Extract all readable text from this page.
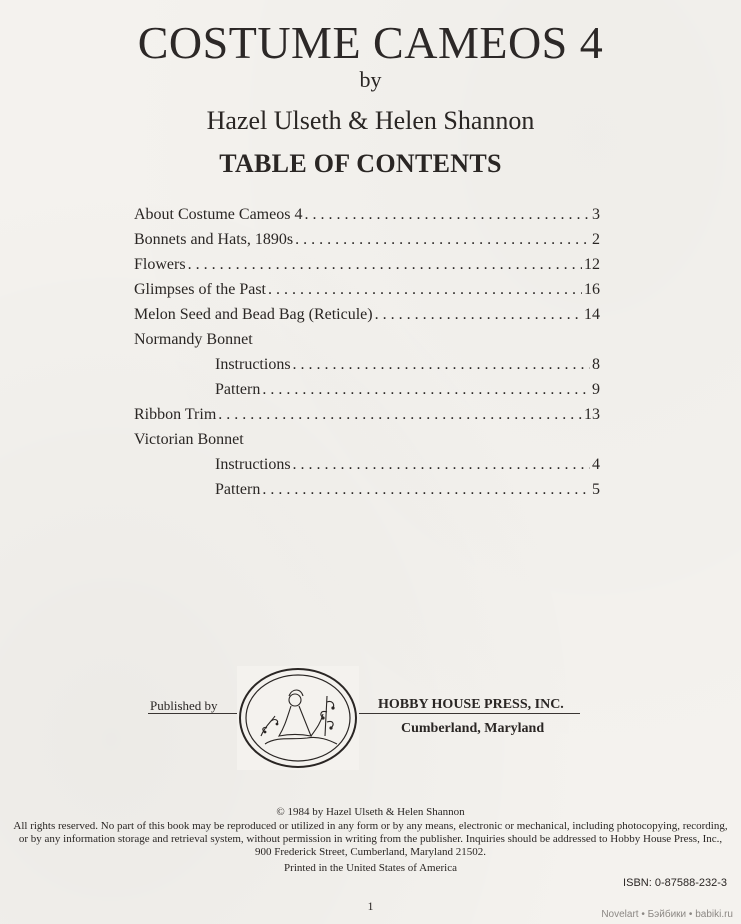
COSTUME CAMEOS 4
by
Hazel Ulseth & Helen Shannon
TABLE OF CONTENTS
About Costume Cameos 4 . . .	3
Bonnets and Hats, 1890s . . .	2
Flowers . . .	12
Glimpses of the Past . . .	16
Melon Seed and Bead Bag (Reticule) . . .	14
Normandy Bonnet
Instructions . . .	8
Pattern . . .	9
Ribbon Trim . . .	13
Victorian Bonnet
Instructions . . .	4
Pattern . . .	5
Published by	HOBBY HOUSE PRESS, INC.
Cumberland, Maryland
© 1984 by Hazel Ulseth & Helen Shannon
All rights reserved. No part of this book may be reproduced or utilized in any form or by any means, electronic or mechanical, including photocopying, recording, or by any information storage and retrieval system, without permission in writing from the publisher. Inquiries should be addressed to Hobby House Press, Inc., 900 Frederick Street, Cumberland, Maryland 21502.
Printed in the United States of America
ISBN: 0-87588-232-3
1
Novelart • Бэйбики • babiki.ru
